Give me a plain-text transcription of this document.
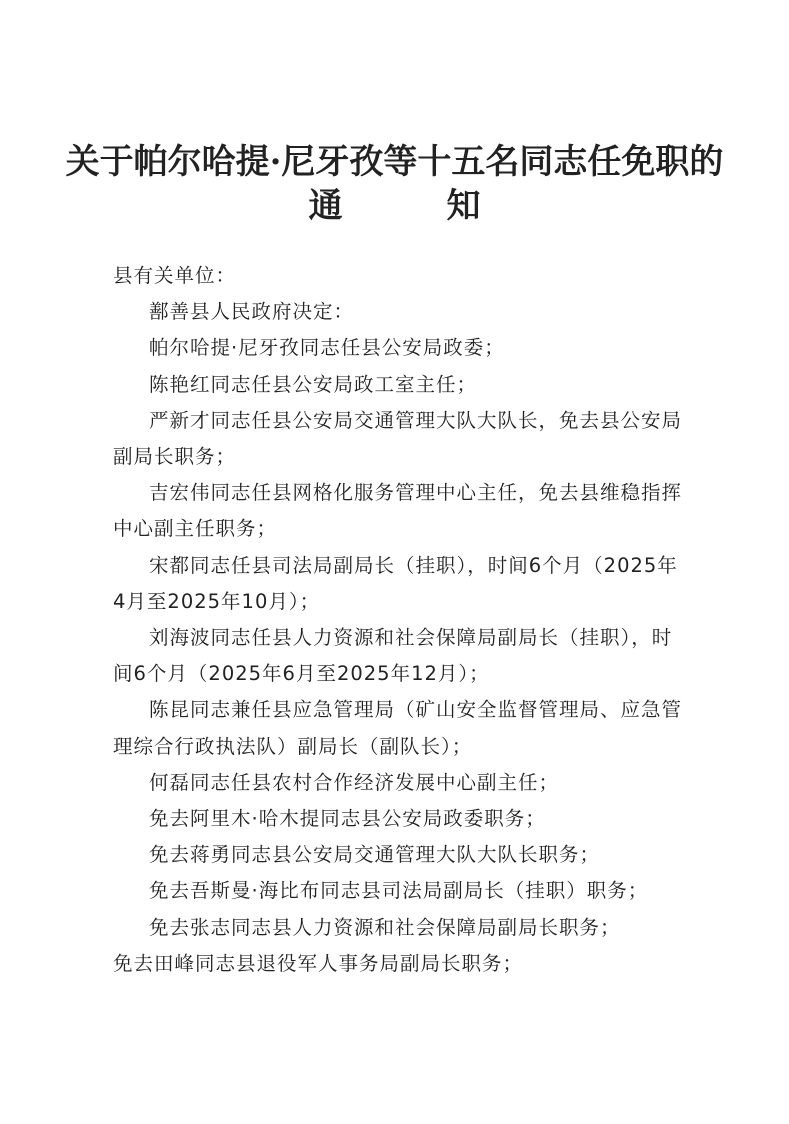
关于帕尔哈提·尼牙孜等十五名同志任免职的
通	知

县有关单位：

鄯善县人民政府决定：

帕尔哈提·尼牙孜同志任县公安局政委；

陈艳红同志任县公安局政工室主任；

严新才同志任县公安局交通管理大队大队长，免去县公安局

副局长职务；

吉宏伟同志任县网格化服务管理中心主任，免去县维稳指挥

中心副主任职务；

宋都同志任县司法局副局长（挂职），时间6个月（2025年

4月至2025年10月）；

刘海波同志任县人力资源和社会保障局副局长（挂职），时

间6个月（2025年6月至2025年12月）；

陈昆同志兼任县应急管理局（矿山安全监督管理局、应急管

理综合行政执法队）副局长（副队长）；

何磊同志任县农村合作经济发展中心副主任；

免去阿里木·哈木提同志县公安局政委职务；

免去蒋勇同志县公安局交通管理大队大队长职务；

免去吾斯曼·海比布同志县司法局副局长（挂职）职务；

免去张志同志县人力资源和社会保障局副局长职务；

免去田峰同志县退役军人事务局副局长职务；
